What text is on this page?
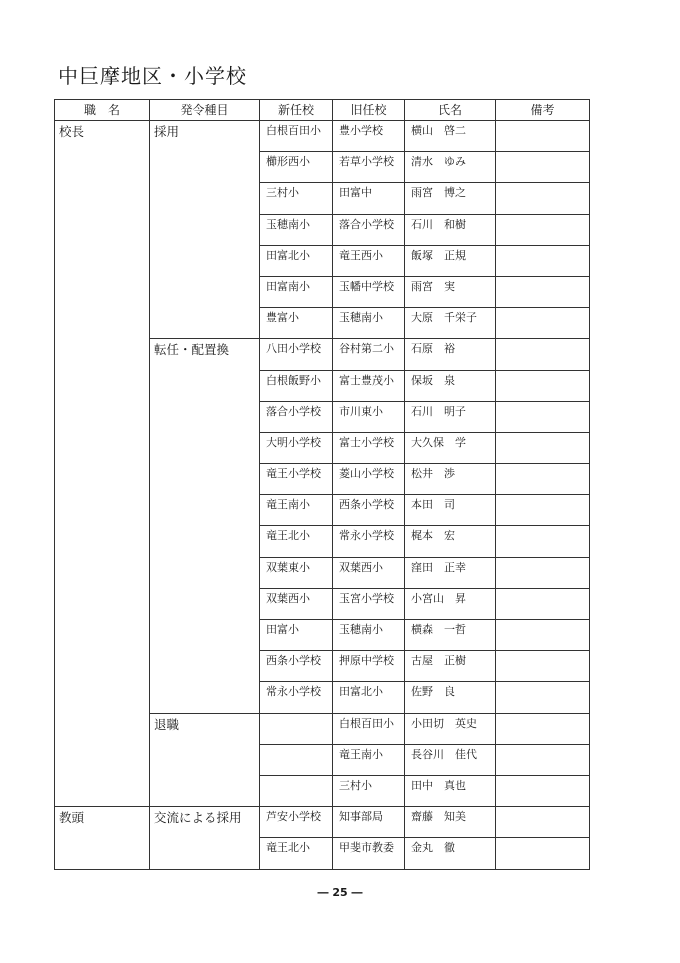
中巨摩地区・小学校
職　名	発令種目	新任校	旧任校	氏名	備考
校長	採用	白根百田小	豊小学校	横山　啓二	
		櫛形西小	若草小学校	清水　ゆみ	
		三村小	田富中	雨宮　博之	
		玉穂南小	落合小学校	石川　和樹	
		田富北小	竜王西小	飯塚　正規	
		田富南小	玉幡中学校	雨宮　実	
		豊富小	玉穂南小	大原　千栄子	
	転任・配置換	八田小学校	谷村第二小	石原　裕	
		白根飯野小	富士豊茂小	保坂　泉	
		落合小学校	市川東小	石川　明子	
		大明小学校	富士小学校	大久保　学	
		竜王小学校	菱山小学校	松井　渉	
		竜王南小	西条小学校	本田　司	
		竜王北小	常永小学校	梶本　宏	
		双葉東小	双葉西小	窪田　正幸	
		双葉西小	玉宮小学校	小宮山　昇	
		田富小	玉穂南小	横森　一哲	
		西条小学校	押原中学校	古屋　正樹	
		常永小学校	田富北小	佐野　良	
	退職		白根百田小	小田切　英史	
			竜王南小	長谷川　佳代	
			三村小	田中　真也	
教頭	交流による採用	芦安小学校	知事部局	齋藤　知美	
		竜王北小	甲斐市教委	金丸　徹	
― 25 ―
